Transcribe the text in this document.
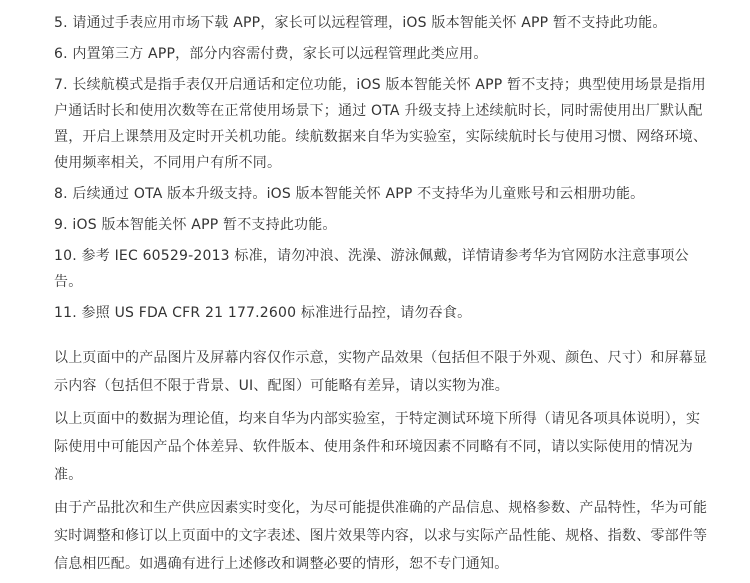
5. 请通过手表应用市场下载 APP，家长可以远程管理，iOS 版本智能关怀 APP 暂不支持此功能。

6. 内置第三方 APP，部分内容需付费，家长可以远程管理此类应用。

7. 长续航模式是指手表仅开启通话和定位功能，iOS 版本智能关怀 APP 暂不支持；典型使用场景是指用户通话时长和使用次数等在正常使用场景下；通过 OTA 升级支持上述续航时长，同时需使用出厂默认配置，开启上课禁用及定时开关机功能。续航数据来自华为实验室，实际续航时长与使用习惯、网络环境、使用频率相关，不同用户有所不同。

8. 后续通过 OTA 版本升级支持。iOS 版本智能关怀 APP 不支持华为儿童账号和云相册功能。

9. iOS 版本智能关怀 APP 暂不支持此功能。

10. 参考 IEC 60529-2013 标准，请勿冲浪、洗澡、游泳佩戴，详情请参考华为官网防水注意事项公告。

11. 参照 US FDA CFR 21 177.2600 标准进行品控，请勿吞食。

以上页面中的产品图片及屏幕内容仅作示意，实物产品效果（包括但不限于外观、颜色、尺寸）和屏幕显示内容（包括但不限于背景、UI、配图）可能略有差异，请以实物为准。

以上页面中的数据为理论值，均来自华为内部实验室，于特定测试环境下所得（请见各项具体说明），实际使用中可能因产品个体差异、软件版本、使用条件和环境因素不同略有不同，请以实际使用的情况为准。

由于产品批次和生产供应因素实时变化，为尽可能提供准确的产品信息、规格参数、产品特性，华为可能实时调整和修订以上页面中的文字表述、图片效果等内容，以求与实际产品性能、规格、指数、零部件等信息相匹配。如遇确有进行上述修改和调整必要的情形，恕不专门通知。
